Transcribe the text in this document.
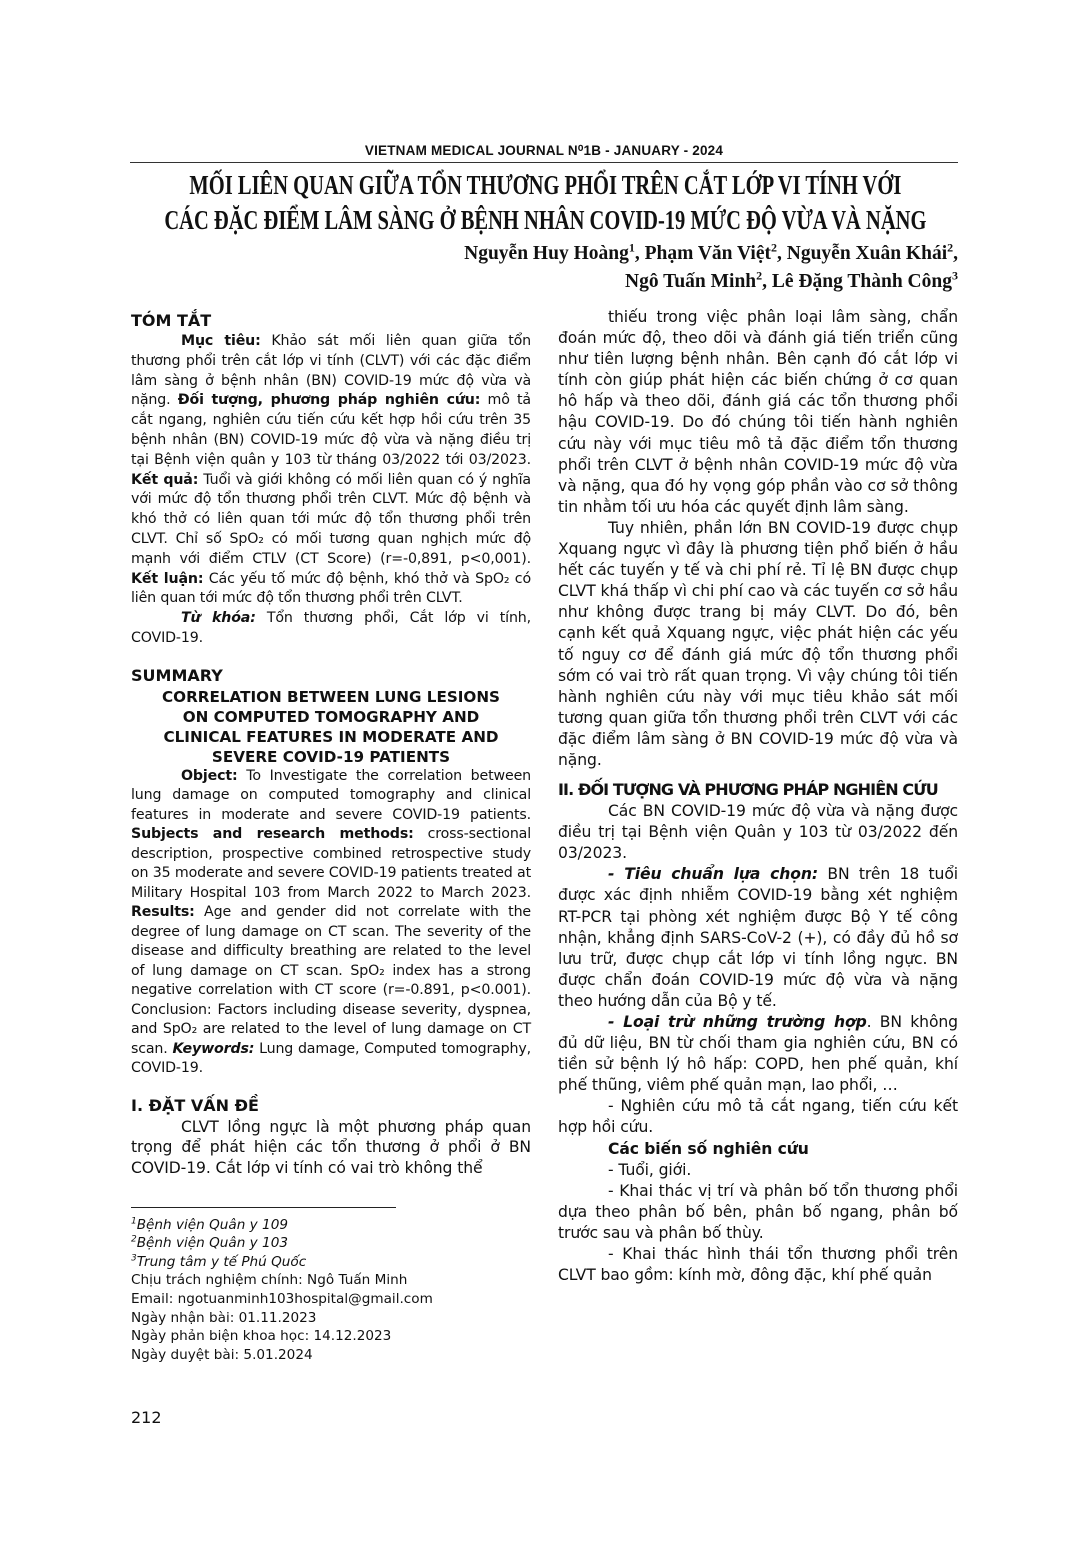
VIETNAM MEDICAL JOURNAL N⁰1B - JANUARY - 2024
MỐI LIÊN QUAN GIỮA TỔN THƯƠNG PHỔI TRÊN CẮT LỚP VI TÍNH VỚI
CÁC ĐẶC ĐIỂM LÂM SÀNG Ở BỆNH NHÂN COVID-19 MỨC ĐỘ VỪA VÀ NẶNG
Nguyễn Huy Hoàng$^1$, Phạm Văn Việt$^2$, Nguyễn Xuân Khái$^2$,
Ngô Tuấn Minh$^2$, Lê Đặng Thành Công$^3$
TÓM TẮT

Mục tiêu: Khảo sát mối liên quan giữa tổn thương phổi trên cắt lớp vi tính (CLVT) với các đặc điểm lâm sàng ở bệnh nhân (BN) COVID-19 mức độ vừa và nặng. Đối tượng, phương pháp nghiên cứu: mô tả cắt ngang, nghiên cứu tiến cứu kết hợp hồi cứu trên 35 bệnh nhân (BN) COVID-19 mức độ vừa và nặng điều trị tại Bệnh viện quân y 103 từ tháng 03/2022 tới 03/2023. Kết quả: Tuổi và giới không có mối liên quan có ý nghĩa với mức độ tổn thương phổi trên CLVT. Mức độ bệnh và khó thở có liên quan tới mức độ tổn thương phổi trên CLVT. Chỉ số SpO₂ có mối tương quan nghịch mức độ mạnh với điểm CTLV (CT Score) (r=-0,891, p<0,001). Kết luận: Các yếu tố mức độ bệnh, khó thở và SpO₂ có liên quan tới mức độ tổn thương phổi trên CLVT.

Từ khóa: Tổn thương phổi, Cắt lớp vi tính, COVID-19.

SUMMARY
CORRELATION BETWEEN LUNG LESIONS
ON COMPUTED TOMOGRAPHY AND
CLINICAL FEATURES IN MODERATE AND
SEVERE COVID-19 PATIENTS

Object: To Investigate the correlation between lung damage on computed tomography and clinical features in moderate and severe COVID-19 patients. Subjects and research methods: cross-sectional description, prospective combined retrospective study on 35 moderate and severe COVID-19 patients treated at Military Hospital 103 from March 2022 to March 2023. Results: Age and gender did not correlate with the degree of lung damage on CT scan. The severity of the disease and difficulty breathing are related to the level of lung damage on CT scan. SpO₂ index has a strong negative correlation with CT score (r=-0.891, p<0.001). Conclusion: Factors including disease severity, dyspnea, and SpO₂ are related to the level of lung damage on CT scan. Keywords: Lung damage, Computed tomography, COVID-19.

I. ĐẶT VẤN ĐỀ

CLVT lồng ngực là một phương pháp quan trọng để phát hiện các tổn thương ở phổi ở BN COVID-19. Cắt lớp vi tính có vai trò không thể

$^1$Bệnh viện Quân y 109
$^2$Bệnh viện Quân y 103
$^3$Trung tâm y tế Phú Quốc
Chịu trách nghiệm chính: Ngô Tuấn Minh
Email: ngotuanminh103hospital@gmail.com
Ngày nhận bài: 01.11.2023
Ngày phản biện khoa học: 14.12.2023
Ngày duyệt bài: 5.01.2024
212

thiếu trong việc phân loại lâm sàng, chẩn đoán mức độ, theo dõi và đánh giá tiến triển cũng như tiên lượng bệnh nhân. Bên cạnh đó cắt lớp vi tính còn giúp phát hiện các biến chứng ở cơ quan hô hấp và theo dõi, đánh giá các tổn thương phổi hậu COVID-19. Do đó chúng tôi tiến hành nghiên cứu này với mục tiêu mô tả đặc điểm tổn thương phổi trên CLVT ở bệnh nhân COVID-19 mức độ vừa và nặng, qua đó hy vọng góp phần vào cơ sở thông tin nhằm tối ưu hóa các quyết định lâm sàng.

Tuy nhiên, phần lớn BN COVID-19 được chụp Xquang ngực vì đây là phương tiện phổ biến ở hầu hết các tuyến y tế và chi phí rẻ. Tỉ lệ BN được chụp CLVT khá thấp vì chi phí cao và các tuyến cơ sở hầu như không được trang bị máy CLVT. Do đó, bên cạnh kết quả Xquang ngực, việc phát hiện các yếu tố nguy cơ để đánh giá mức độ tổn thương phổi sớm có vai trò rất quan trọng. Vì vậy chúng tôi tiến hành nghiên cứu này với mục tiêu khảo sát mối tương quan giữa tổn thương phổi trên CLVT với các đặc điểm lâm sàng ở BN COVID-19 mức độ vừa và nặng.

II. ĐỐI TƯỢNG VÀ PHƯƠNG PHÁP NGHIÊN CỨU

Các BN COVID-19 mức độ vừa và nặng được điều trị tại Bệnh viện Quân y 103 từ 03/2022 đến 03/2023.

- Tiêu chuẩn lựa chọn: BN trên 18 tuổi được xác định nhiễm COVID-19 bằng xét nghiệm RT-PCR tại phòng xét nghiệm được Bộ Y tế công nhận, khẳng định SARS-CoV-2 (+), có đầy đủ hồ sơ lưu trữ, được chụp cắt lớp vi tính lồng ngực. BN được chẩn đoán COVID-19 mức độ vừa và nặng theo hướng dẫn của Bộ y tế.

- Loại trừ những trường hợp. BN không đủ dữ liệu, BN từ chối tham gia nghiên cứu, BN có tiền sử bệnh lý hô hấp: COPD, hen phế quản, khí phế thũng, viêm phế quản mạn, lao phổi, …

- Nghiên cứu mô tả cắt ngang, tiến cứu kết hợp hồi cứu.

Các biến số nghiên cứu

- Tuổi, giới.

- Khai thác vị trí và phân bố tổn thương phổi dựa theo phân bố bên, phân bố ngang, phân bố trước sau và phân bố thùy.

- Khai thác hình thái tổn thương phổi trên CLVT bao gồm: kính mờ, đông đặc, khí phế quản
